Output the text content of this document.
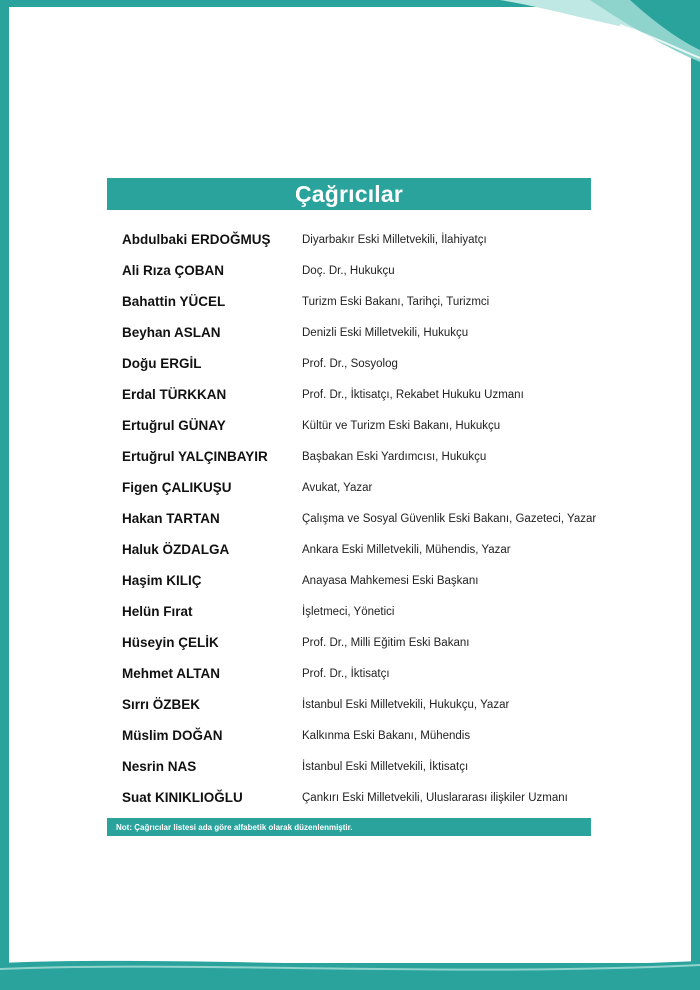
Çağrıcılar
Abdulbaki ERDOĞMUŞ	Diyarbakır Eski Milletvekili, İlahiyatçı
Ali Rıza ÇOBAN	Doç. Dr., Hukukçu
Bahattin YÜCEL	Turizm Eski Bakanı, Tarihçi, Turizmci
Beyhan ASLAN	Denizli Eski Milletvekili, Hukukçu
Doğu ERGİL	Prof. Dr., Sosyolog
Erdal TÜRKKAN	Prof. Dr., İktisatçı, Rekabet Hukuku Uzmanı
Ertuğrul GÜNAY	Kültür ve Turizm Eski Bakanı, Hukukçu
Ertuğrul YALÇINBAYIR	Başbakan Eski Yardımcısı, Hukukçu
Figen ÇALIKUŞU	Avukat, Yazar
Hakan TARTAN	Çalışma ve Sosyal Güvenlik Eski Bakanı, Gazeteci, Yazar
Haluk ÖZDALGA	Ankara Eski Milletvekili, Mühendis, Yazar
Haşim KILIÇ	Anayasa Mahkemesi Eski Başkanı
Helün Fırat	İşletmeci, Yönetici
Hüseyin ÇELİK	Prof. Dr., Milli Eğitim Eski Bakanı
Mehmet ALTAN	Prof. Dr., İktisatçı
Sırrı ÖZBEK	İstanbul Eski Milletvekili, Hukukçu, Yazar
Müslim DOĞAN	Kalkınma Eski Bakanı, Mühendis
Nesrin NAS	İstanbul Eski Milletvekili, İktisatçı
Suat KINIKLIOĞLU	Çankırı Eski Milletvekili, Uluslararası ilişkiler Uzmanı
Not: Çağrıcılar listesi ada göre alfabetik olarak düzenlenmiştir.
